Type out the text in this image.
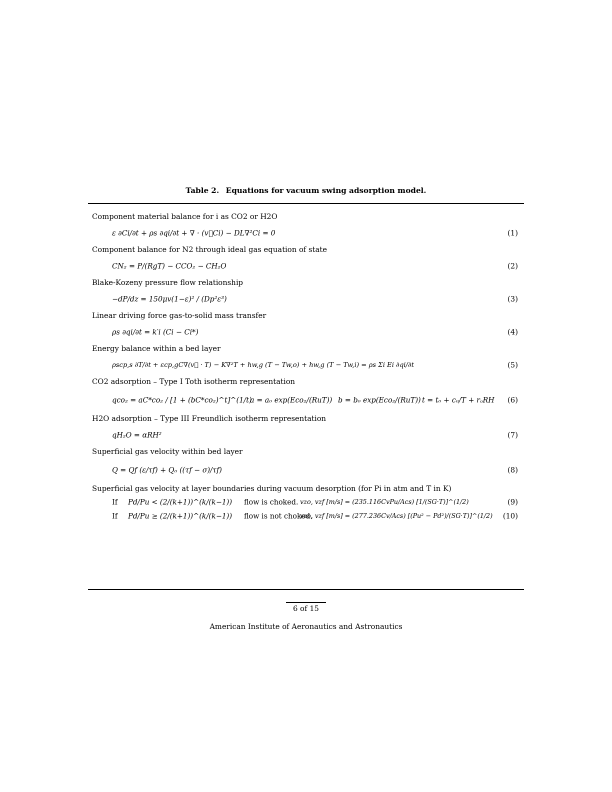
Table 2. Equations for vacuum swing adsorption model.
Component material balance for i as CO2 or H2O
ε ∂Ci/∂t + ρs ∂qi/∂t + ∇ · (v⃗Ci) − DL∇²Ci = 0	(1)
Component balance for N2 through ideal gas equation of state
CN₂ = P/(RgT) − CCO₂ − CH₂O	(2)
Blake-Kozeny pressure flow relationship
−dP/dz = 150μv(1−ε)² / (Dp²ε³)	(3)
Linear driving force gas-to-solid mass transfer
ρs ∂qi/∂t = k′i (Ci − Ci*)	(4)
Energy balance within a bed layer
ρscp,s ∂T/∂t + εcp,gC∇(v⃗ · T) − K∇²T + hw,g (T − Tw,o) + hw,g (T − Tw,i) = ρs Σi Ei ∂qi/∂t	(5)
CO2 adsorption – Type I Toth isotherm representation
qco₂ = aC*co₂ / [1 + (bC*co₂)^t]^(1/t)
a = a₀ exp(Eco₂/(RuT)) b = b₀ exp(Eco₂/(RuT)) t = t₀ + c₀/T + rₒRH (6)
H2O adsorption – Type III Freundlich isotherm representation
qH₂O = αRH²	(7)
Superficial gas velocity within bed layer
Q = Qf (ε/τf) + Q₀ ((τf − σ)/τf)	(8)
Superficial gas velocity at layer boundaries during vacuum desorption (for Pi in atm and T in K)
If Pd/Pu < (2/(k+1))^(k/(k−1)) flow is choked. vzo, vzf [m/s] = (235.116CvPu/Acs) [1/(SG·T)]^(1/2)	(9)
If Pd/Pu ≥ (2/(k+1))^(k/(k−1)) flow is not choked.
vzo, vzf [m/s] = (277.236Cv/Acs) [(Pu² − Pd²)/(SG·T)]^(1/2) (10)
6 of 15
American Institute of Aeronautics and Astronautics
